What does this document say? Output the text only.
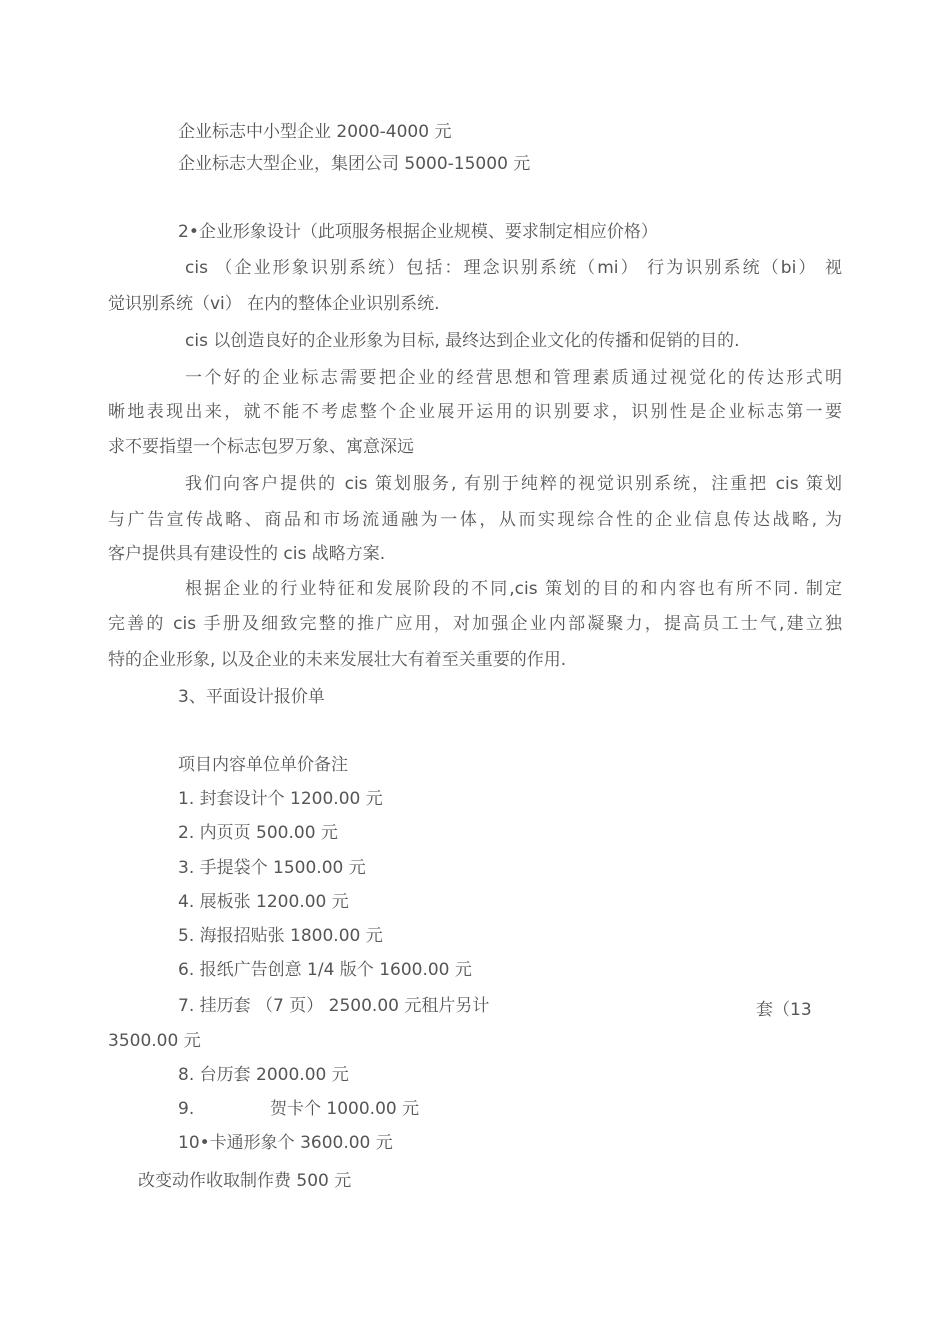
企业标志中小型企业 2000-4000 元
企业标志大型企业，集团公司 5000-15000 元
2•企业形象设计（此项服务根据企业规模、要求制定相应价格）
cis （企业形象识别系统）包括：理念识别系统（mi） 行为识别系统（bi） 视
觉识别系统（vi） 在内的整体企业识别系统.
cis 以创造良好的企业形象为目标, 最终达到企业文化的传播和促销的目的.
一个好的企业标志需要把企业的经营思想和管理素质通过视觉化的传达形式明
晰地表现出来，就不能不考虑整个企业展开运用的识别要求，识别性是企业标志第一要
求不要指望一个标志包罗万象、寓意深远
我们向客户提供的 cis 策划服务, 有别于纯粹的视觉识别系统，注重把 cis 策划
与广告宣传战略、商品和市场流通融为一体，从而实现综合性的企业信息传达战略, 为
客户提供具有建设性的 cis 战略方案.
根据企业的行业特征和发展阶段的不同,cis 策划的目的和内容也有所不同. 制定
完善的 cis 手册及细致完整的推广应用，对加强企业内部凝聚力，提高员工士气,建立独
特的企业形象, 以及企业的未来发展壮大有着至关重要的作用.
3、平面设计报价单
项目内容单位单价备注
1. 封套设计个 1200.00 元
2. 内页页 500.00 元
3. 手提袋个 1500.00 元
4. 展板张 1200.00 元
5. 海报招贴张 1800.00 元
6. 报纸广告创意 1/4 版个 1600.00 元
7. 挂历套 （7 页） 2500.00 元租片另计	套（13
3500.00 元
8. 台历套 2000.00 元
9.	贺卡个 1000.00 元
10•卡通形象个 3600.00 元
改变动作收取制作费 500 元
